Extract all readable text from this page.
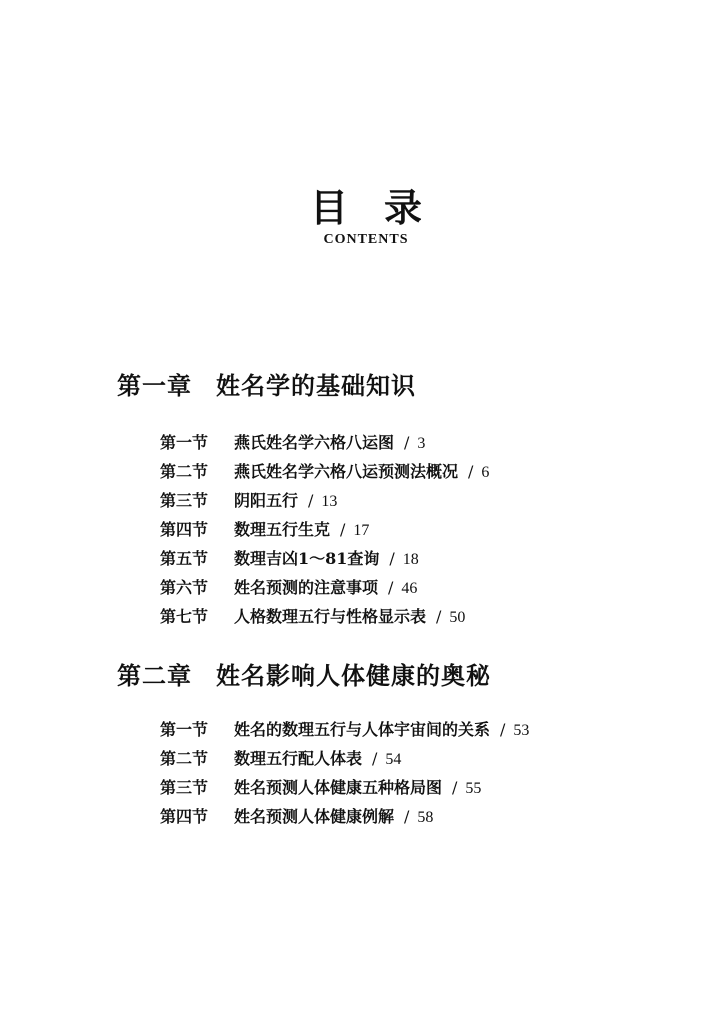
目录
CONTENTS
第一章 姓名学的基础知识
第一节 燕氏姓名学六格八运图 / 3
第二节 燕氏姓名学六格八运预测法概况 / 6
第三节 阴阳五行 / 13
第四节 数理五行生克 / 17
第五节 数理吉凶1～81查询 / 18
第六节 姓名预测的注意事项 / 46
第七节 人格数理五行与性格显示表 / 50
第二章 姓名影响人体健康的奥秘
第一节 姓名的数理五行与人体宇宙间的关系 / 53
第二节 数理五行配人体表 / 54
第三节 姓名预测人体健康五种格局图 / 55
第四节 姓名预测人体健康例解 / 58
